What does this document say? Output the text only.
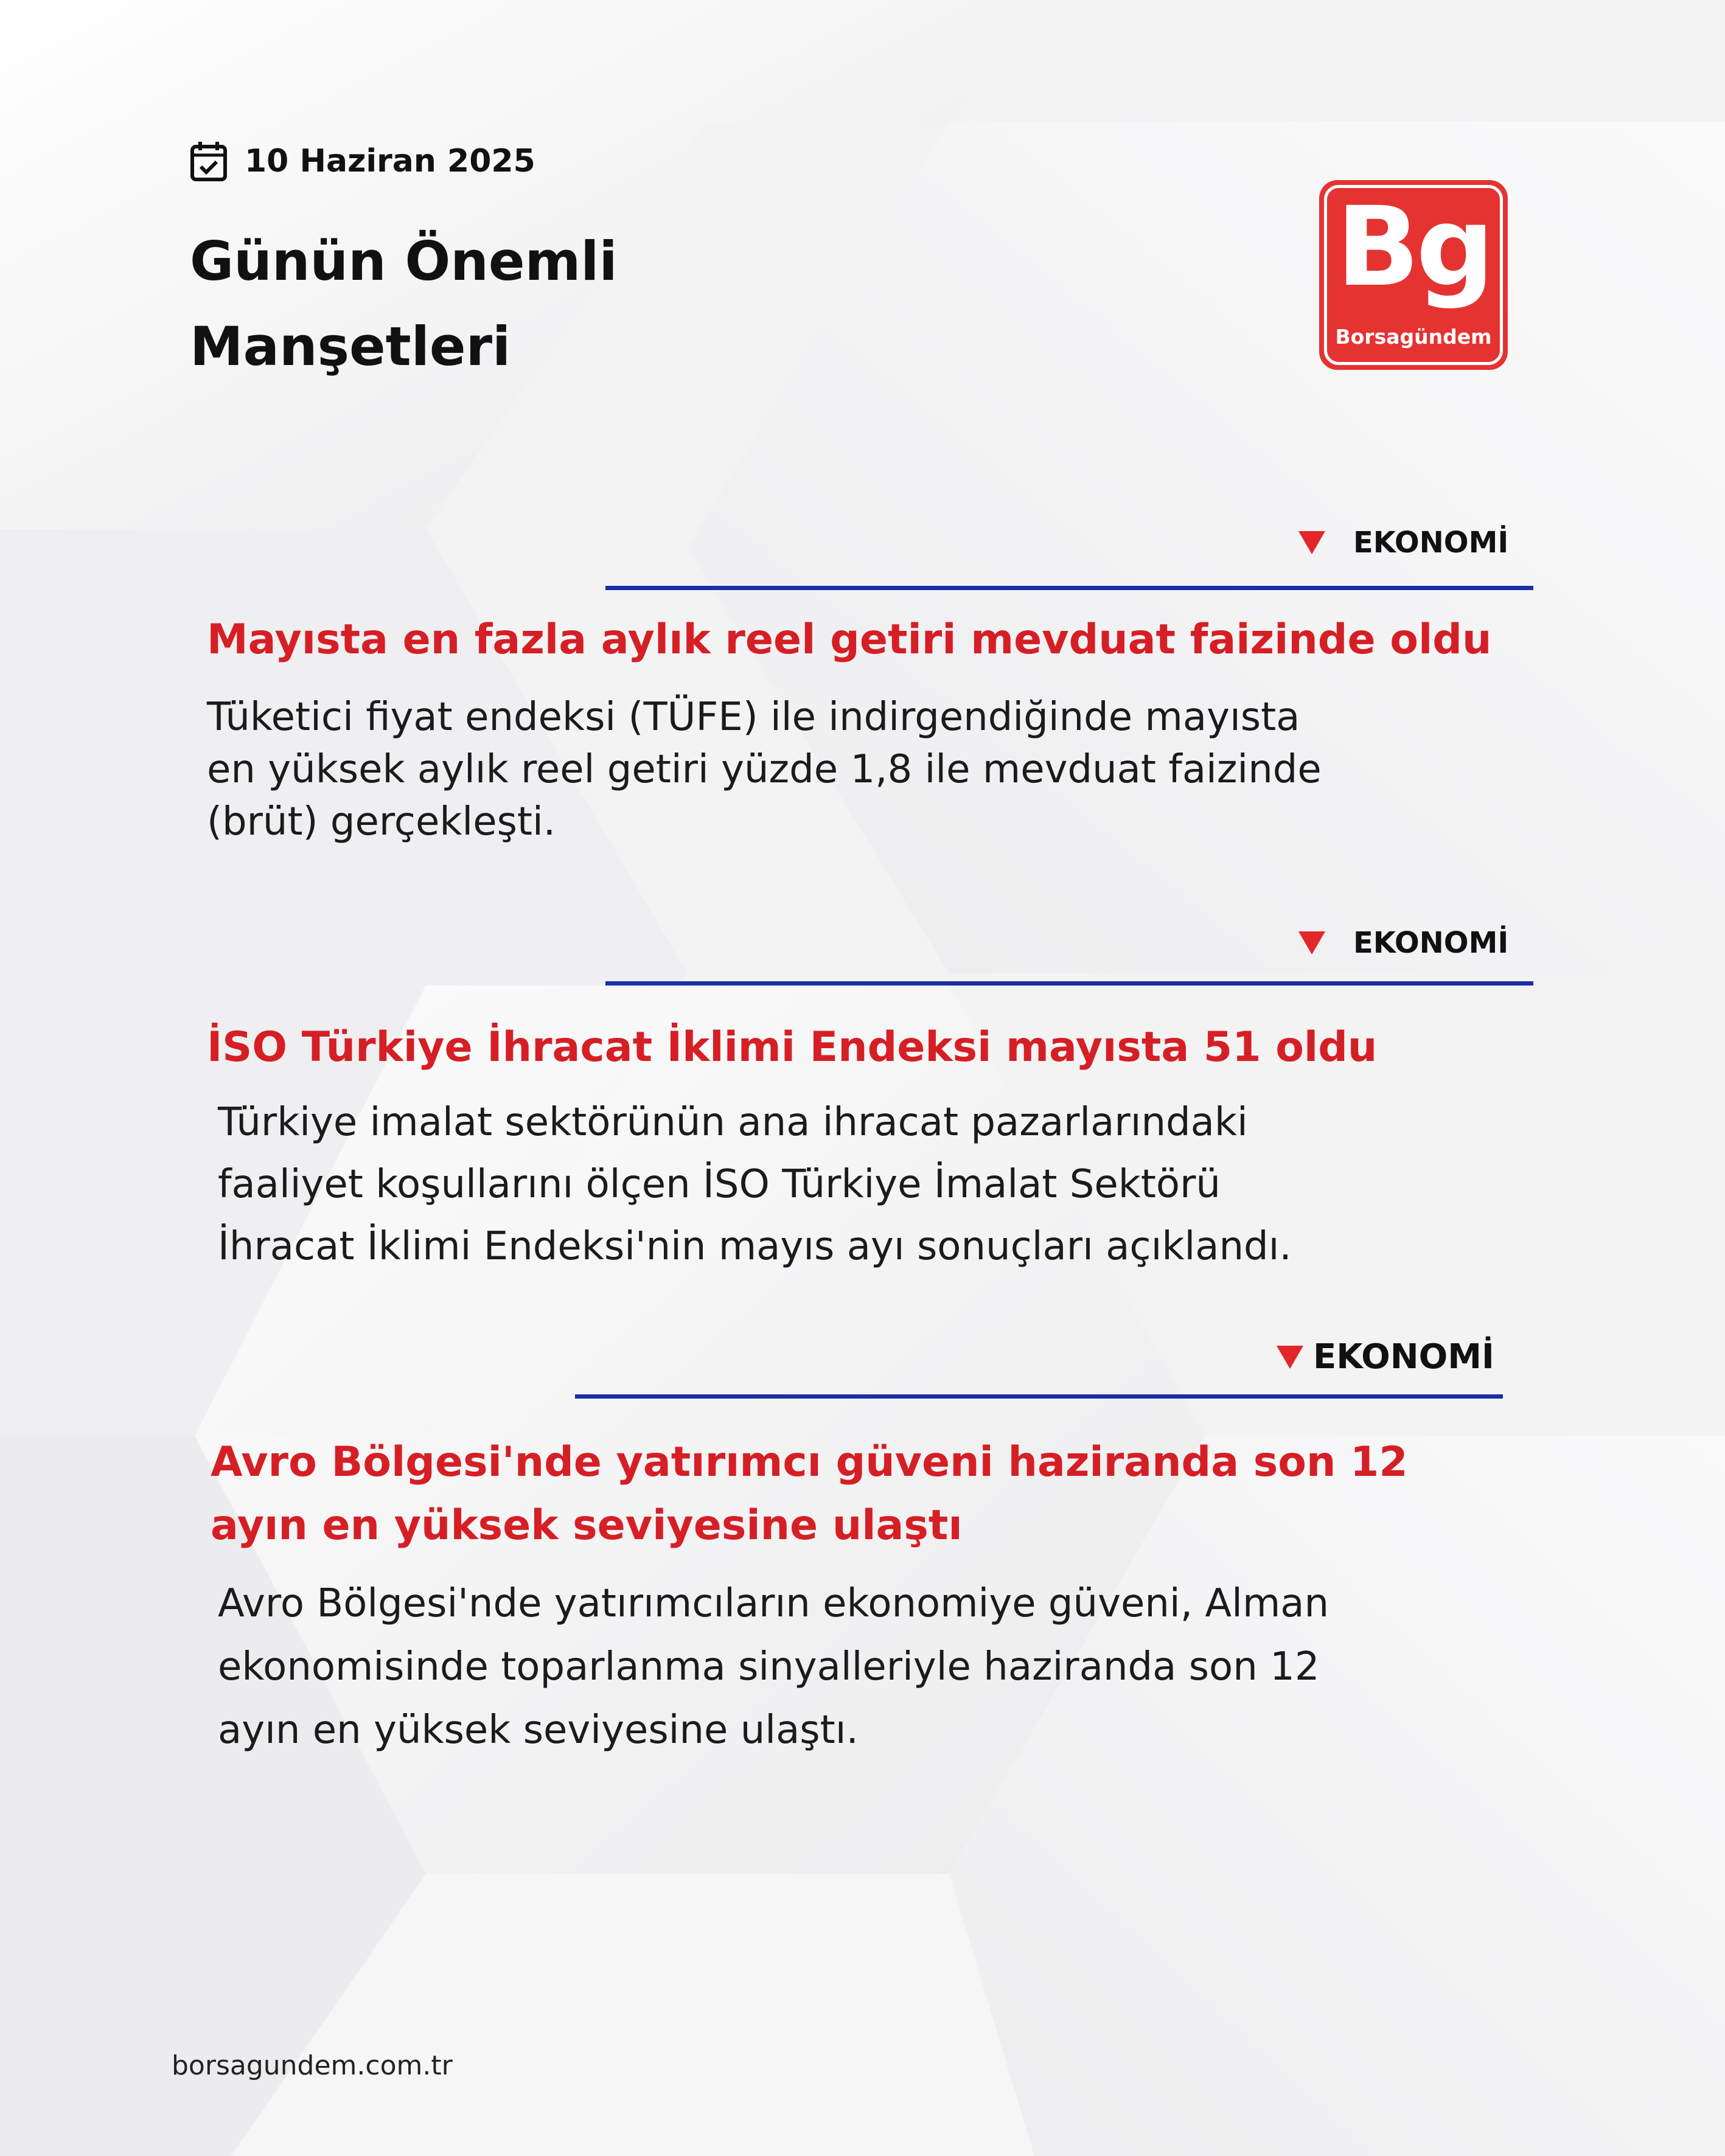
10 Haziran 2025
Günün Önemli
Manşetleri
Bg
Borsagündem
EKONOMİ
Mayısta en fazla aylık reel getiri mevduat faizinde oldu
Tüketici fiyat endeksi (TÜFE) ile indirgendiğinde mayısta
en yüksek aylık reel getiri yüzde 1,8 ile mevduat faizinde
(brüt) gerçekleşti.
EKONOMİ
İSO Türkiye İhracat İklimi Endeksi mayısta 51 oldu
Türkiye imalat sektörünün ana ihracat pazarlarındaki
faaliyet koşullarını ölçen İSO Türkiye İmalat Sektörü
İhracat İklimi Endeksi'nin mayıs ayı sonuçları açıklandı.
EKONOMİ
Avro Bölgesi'nde yatırımcı güveni haziranda son 12
ayın en yüksek seviyesine ulaştı
Avro Bölgesi'nde yatırımcıların ekonomiye güveni, Alman
ekonomisinde toparlanma sinyalleriyle haziranda son 12
ayın en yüksek seviyesine ulaştı.
borsagundem.com.tr
